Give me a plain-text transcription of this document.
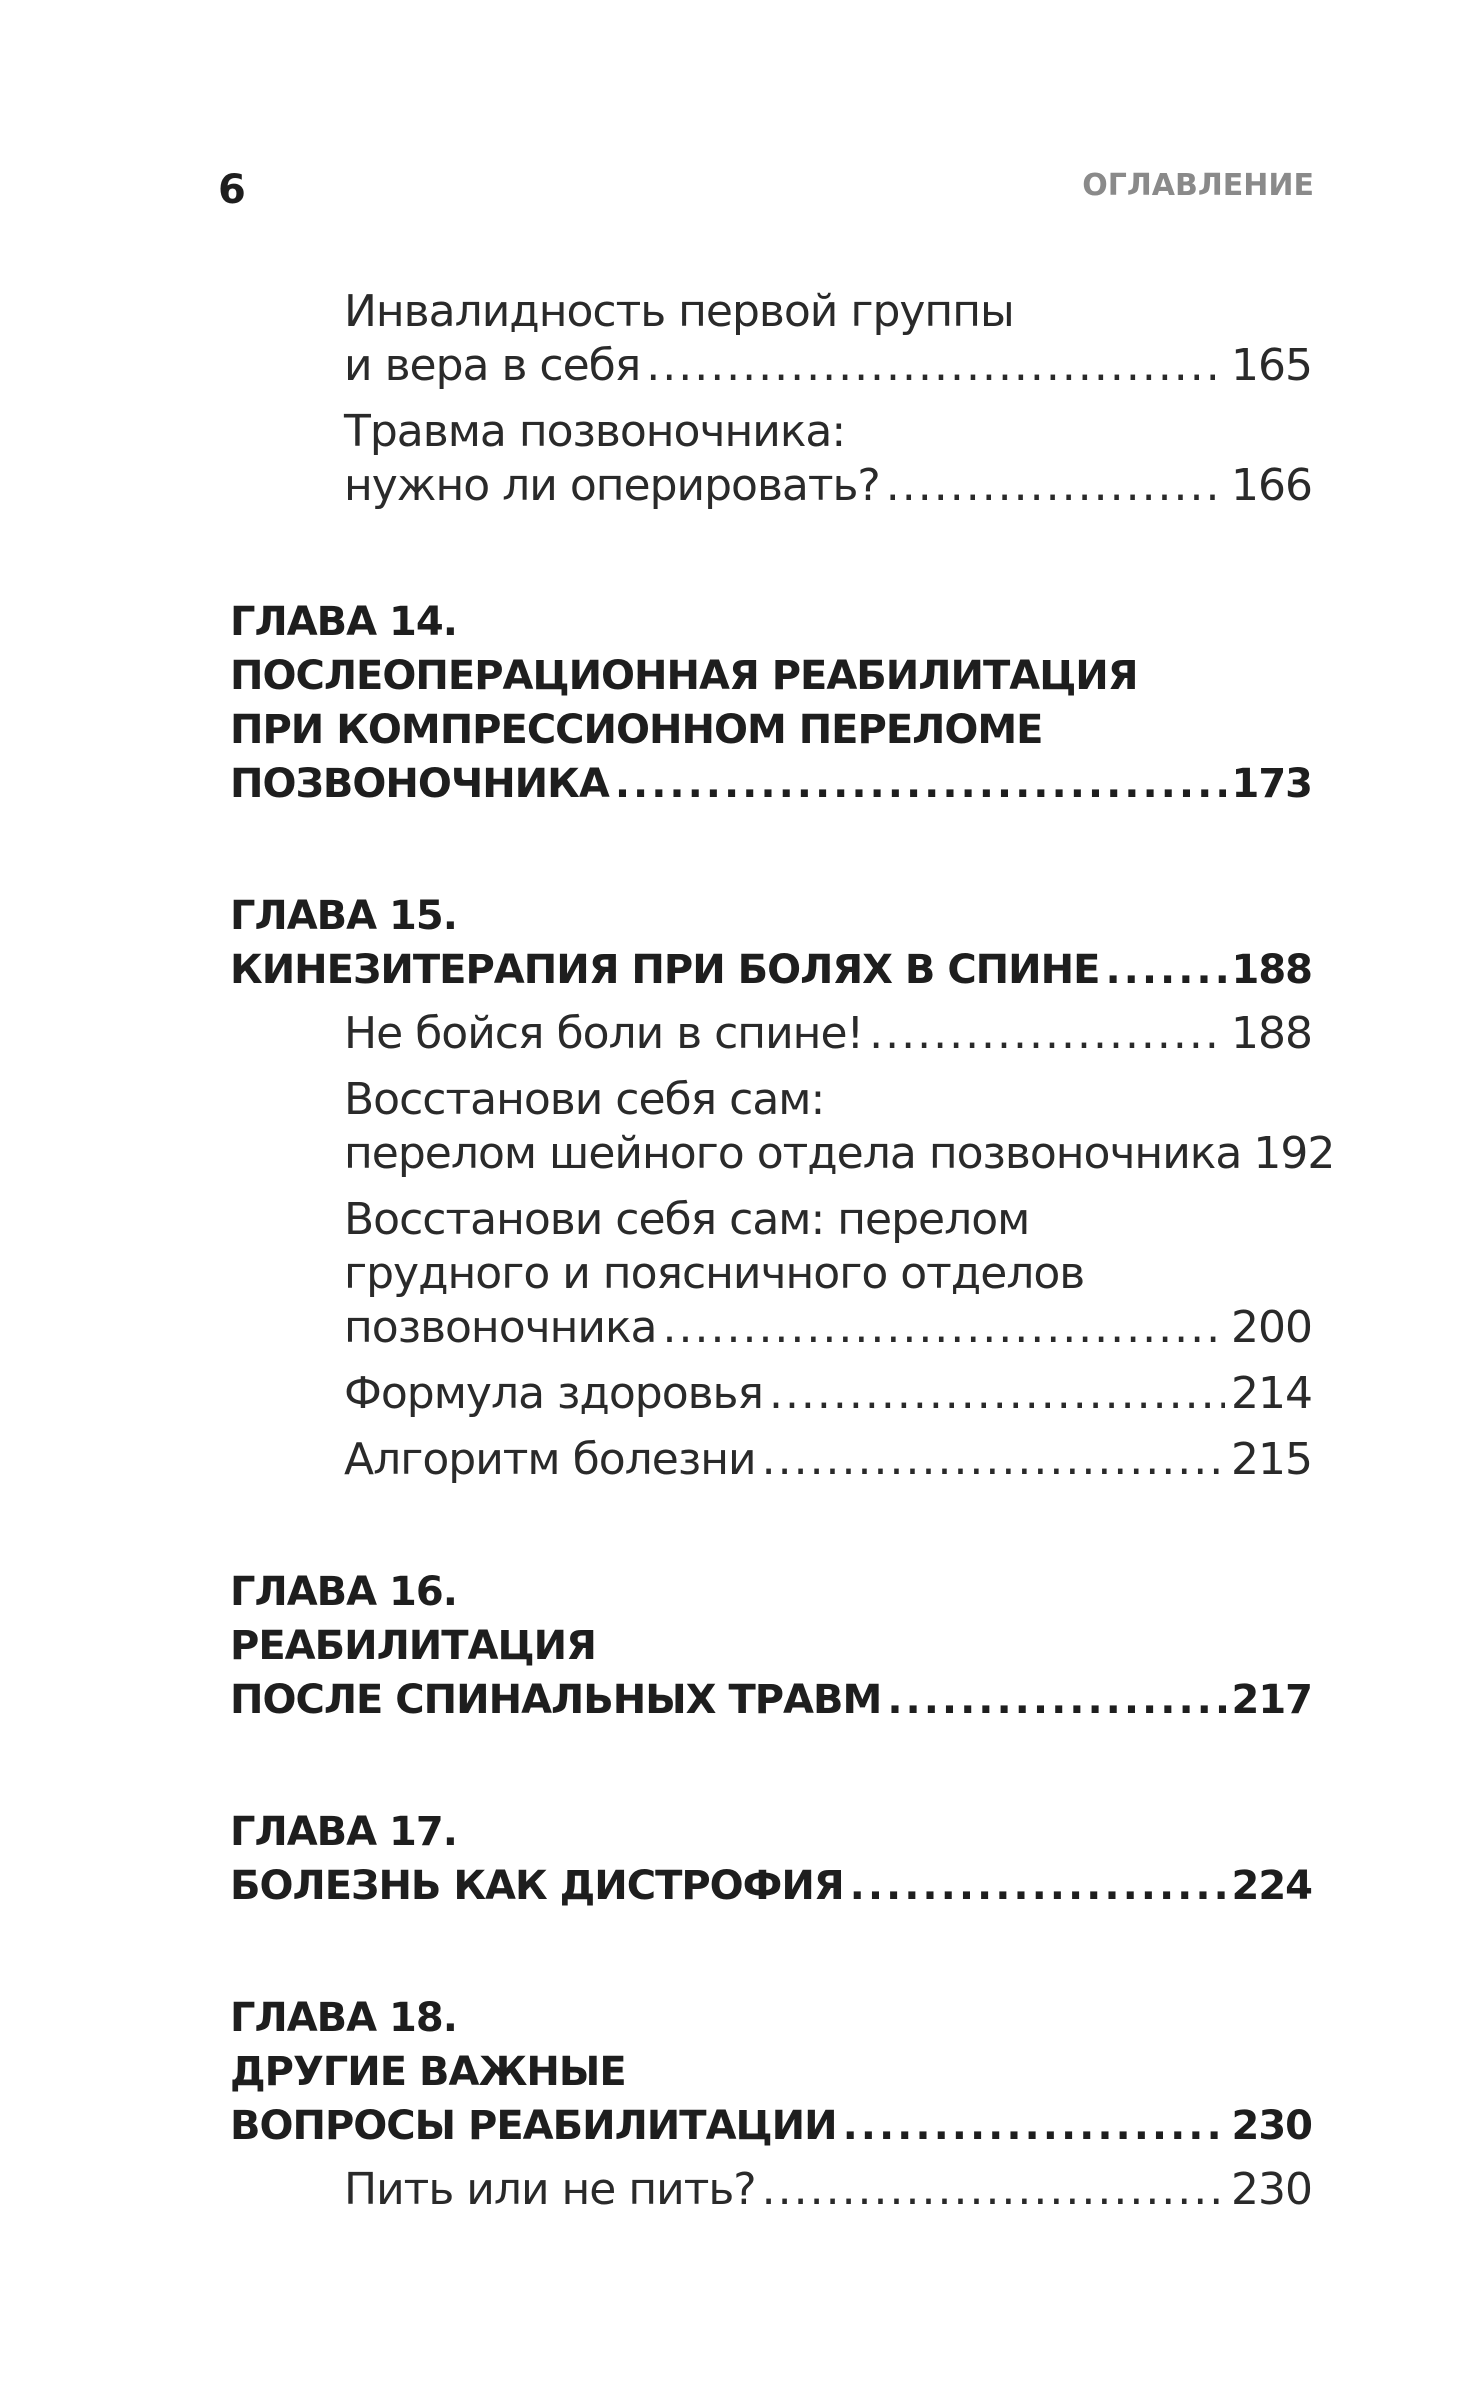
6	ОГЛАВЛЕНИЕ
Инвалидность первой группы
и вера в себя .....	165
Травма позвоночника:
нужно ли оперировать? .....	166
ГЛАВА 14.
ПОСЛЕОПЕРАЦИОННАЯ РЕАБИЛИТАЦИЯ
ПРИ КОМПРЕССИОННОМ ПЕРЕЛОМЕ
ПОЗВОНОЧНИКА .....	173
ГЛАВА 15.
КИНЕЗИТЕРАПИЯ ПРИ БОЛЯХ В СПИНЕ .....	188
Не бойся боли в спине! .....	188
Восстанови себя сам:
перелом шейного отдела позвоночника 192
Восстанови себя сам: перелом
грудного и поясничного отделов
позвоночника .....	200
Формула здоровья .....	214
Алгоритм болезни .....	215
ГЛАВА 16.
РЕАБИЛИТАЦИЯ
ПОСЛЕ СПИНАЛЬНЫХ ТРАВМ .....	217
ГЛАВА 17.
БОЛЕЗНЬ КАК ДИСТРОФИЯ .....	224
ГЛАВА 18.
ДРУГИЕ ВАЖНЫЕ
ВОПРОСЫ РЕАБИЛИТАЦИИ .....	230
Пить или не пить? .....	230
